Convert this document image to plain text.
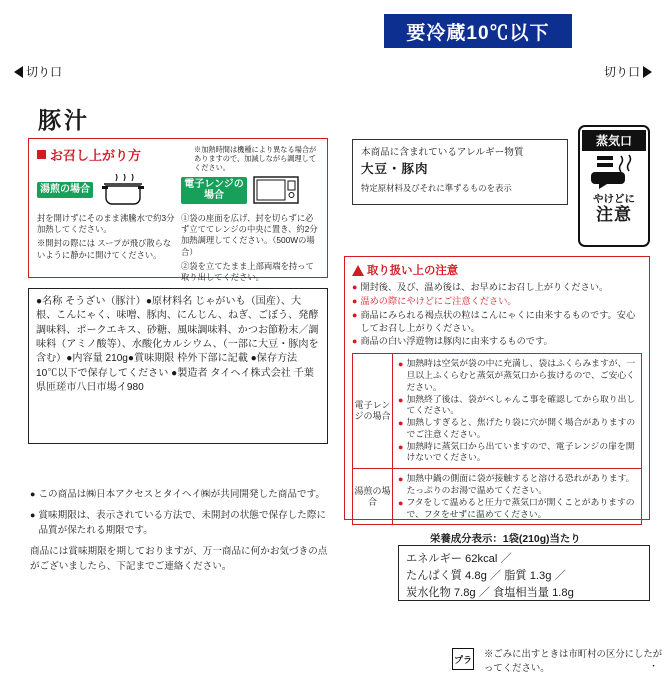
要冷蔵10℃以下
切り口	切り口
豚汁
お召し上がり方	※加熱時間は機種により異なる場合がありますので、加減しながら調理してください。
湯煎の場合
封を開けずにそのまま沸騰水で約3分加熱してください。
※開封の際には スープが飛び散らないように静かに開けてください。
電子レンジの場合
①袋の座面を広げ、封を切らずに必ず立ててレンジの中央に置き、約2分加熱調理してください。（500Wの場合）
②袋を立てたまま上部両端を持って取り出してください。
本商品に含まれているアレルギー物質
大豆・豚肉
特定原材料及びそれに準ずるものを表示
蒸気口
やけどに
注意
●名称 そうざい（豚汁）●原材料名 じゃがいも（国産）、大根、こんにゃく、味噌、豚肉、にんじん、ねぎ、ごぼう、発酵調味料、ポークエキス、砂糖、風味調味料、かつお節粉末／調味料（アミノ酸等）、水酸化カルシウム、（一部に大豆・豚肉を含む）●内容量 210g●賞味期限 枠外下部に記載 ●保存方法 10℃以下で保存してください ●製造者 タイヘイ株式会社 千葉県匝瑳市八日市場イ980
取り扱い上の注意
● 開封後、及び、温め後は、お早めにお召し上がりください。
● 温めの際にやけどにご注意ください。
● 商品にみられる褐点状の粒はこんにゃくに由来するものです。安心してお召し上がりください。
● 商品の白い浮遊物は豚肉に由来するものです。
電子レンジの場合
● 加熱時は空気が袋の中に充満し、袋はふくらみますが、一旦以上ふくらむと蒸気が蒸気口から抜けるので、ご安心ください。
● 加熱終了後は、袋がぺしゃんこ事を確認してから取り出してください。
● 加熱しすぎると、焦げたり袋に穴が開く場合がありますのでご注意ください。
● 加熱時に蒸気口から出ていますので、電子レンジの扉を開けないでください。
湯煎の場合
● 加熱中鍋の側面に袋が接触すると溶ける恐れがあります。たっぷりのお湯で温めてください。
● フタをして温めると圧力で蒸気口が開くことがありますので、フタをせずに温めてください。
● この商品は㈱日本アクセスとタイヘイ㈱が共同開発した商品です。
● 賞味期限は、表示されている方法で、未開封の状態で保存した際に品質が保たれる期限です。

商品には賞味期限を期しておりますが、万一商品に何かお気づきの点がございましたら、下記までご連絡ください。

栄養成分表示：1袋(210g)当たり
エネルギー 62kcal ／
たんぱく質 4.8g ／ 脂質 1.3g ／
炭水化物 7.8g ／ 食塩相当量 1.8g
プラ
※ごみに出すときは市町村の区分にしたがってください。	・
